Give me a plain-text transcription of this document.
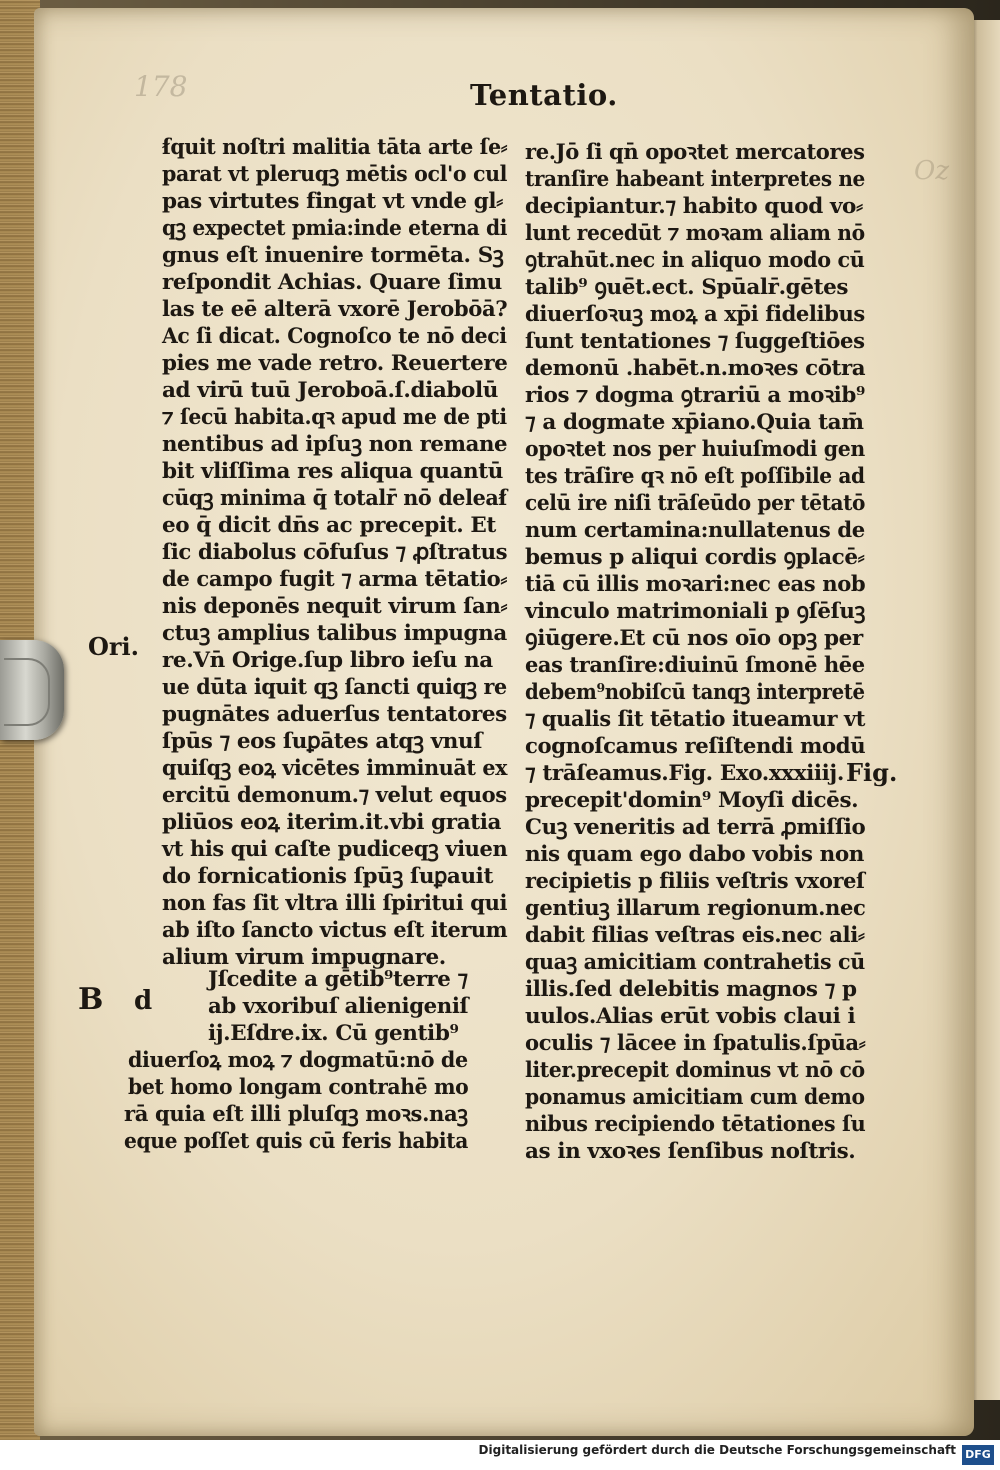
178
Oz
Tentatio.
ẜquit noſtri malitia tāta arte ſe⸗
parat vt pleruqꝫ mētis ocl'o cul
pas virtutes fingat vt vnde gl⸗
qꝫ expectet pmia:inde eterna di
gnus eſt inuenire tormēta. Sꝫ
reſpondit Achias. Quare ſimu
las te eē alterā vxorē Jerobōā?
Ac ſi dicat. Cognoſco te nō deci
pies me vade retro. Reuertere
ad virū tuū Jeroboā.ſ.diabolū
⁊ ſecū habita.qꝛ apud me de pti
nentibus ad ipſuꝫ non remane
bit vliſſima res aliqua quantū
cūqꝫ minima q̄ totalr̄ nō deleaẜ
eo q̄ dicit dn̄s ac precepit. Et
ſic diabolus cōfuſus ⁊ ꝓſtratus
de campo fugit ⁊ arma tētatio⸗
nis deponēs nequit virum ſan⸗
ctuꝫ amplius talibus impugna
re.Vn̄ Orige.ſup libro ieſu na
ue dūta iquit qꝫ ſancti quiqꝫ re
pugnātes aduerſus tentatores
ſpūs ⁊ eos ſuꝑātes atqꝫ vnuſ
quiſqꝫ eoꝝ vicētes imminuāt ex
ercitū demonum.⁊ velut equos
pliūos eoꝝ iterim.it.vbi gratia
vt his qui caſte pudiceqꝫ viuen
do fornicationis ſpūꝫ ſuꝑauit
non fas ſit vltra illi ſpiritui qui
ab iſto ſancto victus eſt iterum
alium virum impugnare.
Jſcedite a gētib⁹terre ⁊
ab vxoribuſ alienigeniſ
ij.Eſdre.ix. Cū gentib⁹
diuerſoꝝ moꝝ ⁊ dogmatū:nō de
bet homo longam contrahē mo
rā quia eſt illi pluſqꝫ moꝛs.naꝫ
eque poſſet quis cū feris habita
re.Jō ſi qn̄ opoꝛtet mercatores
tranſire habeant interpretes ne
decipiantur.⁊ habito quod vo⸗
lunt recedūt ⁊ moꝛam aliam nō
ꝯtrahūt.nec in aliquo modo cū
talib⁹ ꝯuē̄t.ect. Spūalr̄.gētes
diuerſoꝛuꝫ moꝝ a xp̄i fidelibus
ſunt tentationes ⁊ ſuggeſtiōes
demonū .habēt.n.moꝛes cōtra
rios ⁊ dogma ꝯtrariū a moꝛib⁹
⁊ a dogmate xp̄iano.Quia tam̄
opoꝛtet nos per huiuſmodi gen
tes trāſire qꝛ nō eſt poſſibile ad
celū ire niſi trāſeūdo per tētatō
num certamina:nullatenus de
bemus p aliqui cordis ꝯplacē⸗
tiā cū illis moꝛari:nec eas nob
vinculo matrimoniali p ꝯſēſuꝫ
ꝯiūgere.Et cū nos oīo opꝫ per
eas tranſire:diuinū ſmonē hēe
debem⁹nobiſcū tanqꝫ interpretē
⁊ qualis ſit tētatio itueamur vt
cognoſcamus reſiſtendi modū
⁊ trāſeamus.Fig. Exo.xxxiiij.
precepit'domin⁹ Moyſi dicēs.
Cuꝫ veneritis ad terrā ꝓmiſſio
nis quam ego dabo vobis non
recipietis p filiis veſtris vxoreſ
gentiuꝫ illarum regionum.nec
dabit filias veſtras eis.nec ali⸗
quaꝫ amicitiam contrahetis cū
illis.ſed delebitis magnos ⁊ p
uulos.Alias erūt vobis claui i
oculis ⁊ lācee in ſpatulis.ſpūa⸗
liter.precepit dominus vt nō cō
ponamus amicitiam cum demo
nibus recipiendo tētationes ſu
as in vxoꝛes ſenſibus noſtris.
Ori.
Fig.
B d
Digitalisierung gefördert durch die Deutsche Forschungsgemeinschaft DFG
